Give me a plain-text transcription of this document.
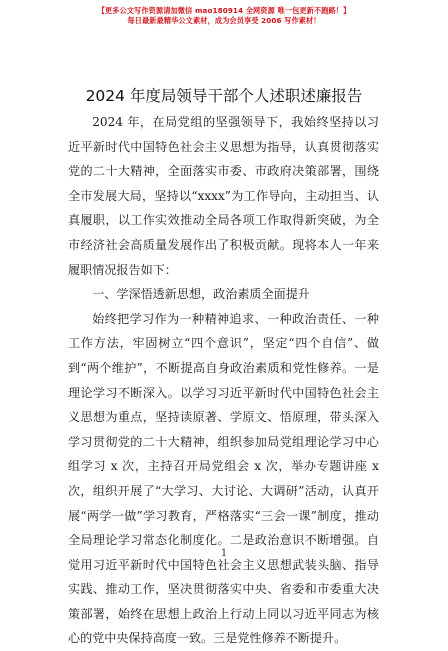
【更多公文写作资源请加微信 mao180914 全网资源 唯一包更新不跑路！】
每日最新最精华公文素材，成为会员享受 2006 写作素材！
2024 年度局领导干部个人述职述廉报告

2024 年，在局党组的坚强领导下，我始终坚持以习近平新时代中国特色社会主义思想为指导，认真贯彻落实党的二十大精神，全面落实市委、市政府决策部署，围绕全市发展大局，坚持以“xxxx”为工作导向，主动担当、认真履职，以工作实效推动全局各项工作取得新突破，为全市经济社会高质量发展作出了积极贡献。现将本人一年来履职情况报告如下：

一、学深悟透新思想，政治素质全面提升

始终把学习作为一种精神追求、一种政治责任、一种工作方法，牢固树立“四个意识”，坚定“四个自信”、做到“两个维护”，不断提高自身政治素质和党性修养。一是理论学习不断深入。以学习习近平新时代中国特色社会主义思想为重点，坚持读原著、学原文、悟原理，带头深入学习贯彻党的二十大精神，组织参加局党组理论学习中心组学习 x 次，主持召开局党组会 x 次，举办专题讲座 x 次，组织开展了“大学习、大讨论、大调研”活动，认真开展“两学一做”学习教育，严格落实“三会一课”制度，推动全局理论学习常态化制度化。二是政治意识不断增强。自觉用习近平新时代中国特色社会主义思想武装头脑、指导实践、推动工作，坚决贯彻落实中央、省委和市委重大决策部署，始终在思想上政治上行动上同以习近平同志为核心的党中央保持高度一致。三是党性修养不断提升。

1
